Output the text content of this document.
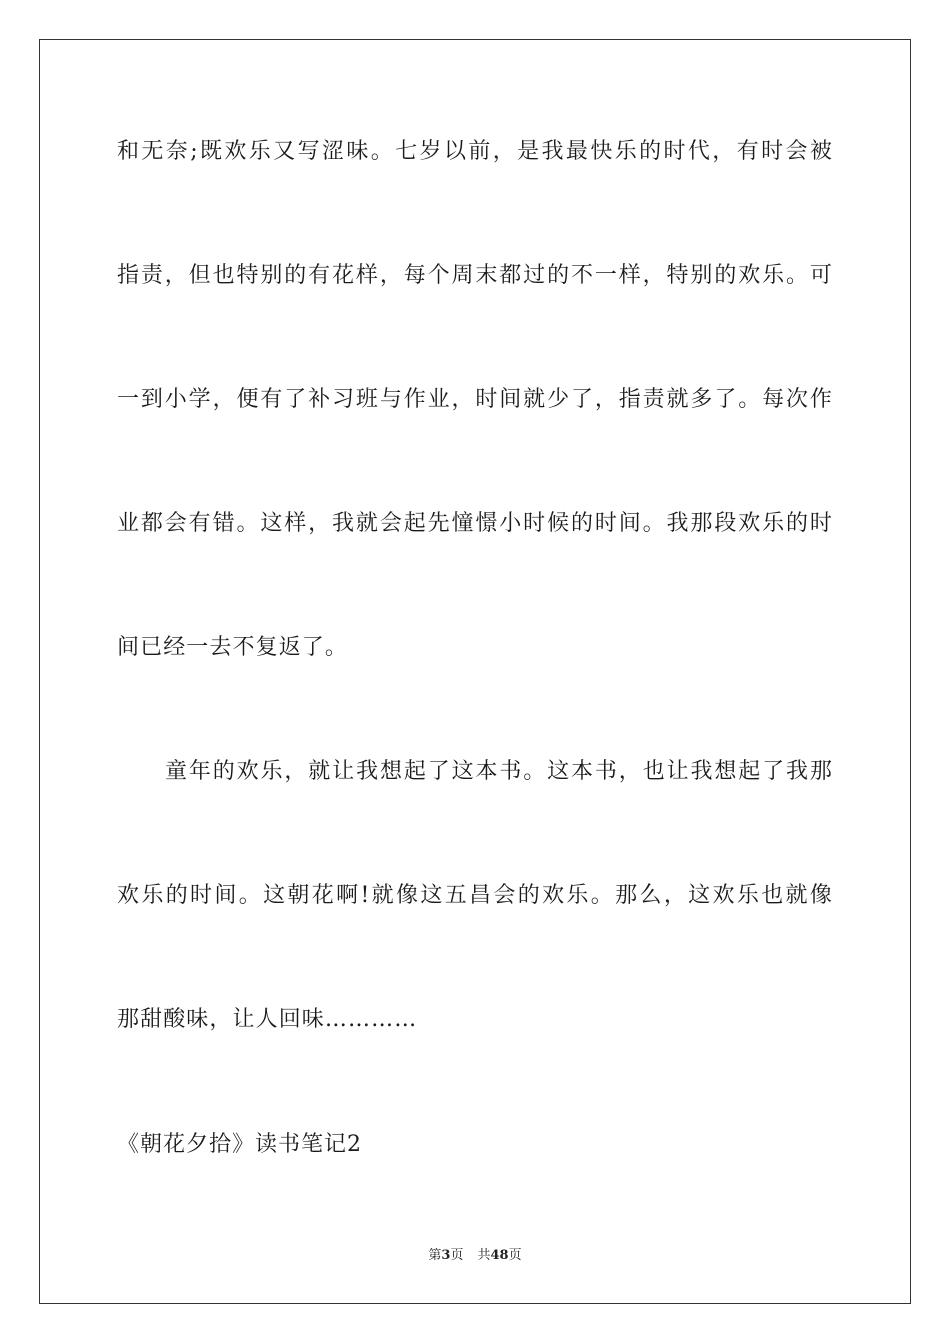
和无奈;既欢乐又写涩味。七岁以前，是我最快乐的时代，有时会被
指责，但也特别的有花样，每个周末都过的不一样，特别的欢乐。可
一到小学，便有了补习班与作业，时间就少了，指责就多了。每次作
业都会有错。这样，我就会起先憧憬小时候的时间。我那段欢乐的时
间已经一去不复返了。
童年的欢乐，就让我想起了这本书。这本书，也让我想起了我那
欢乐的时间。这朝花啊!就像这五昌会的欢乐。那么，这欢乐也就像
那甜酸味，让人回味…………
《朝花夕拾》读书笔记2
第3页 共48页
